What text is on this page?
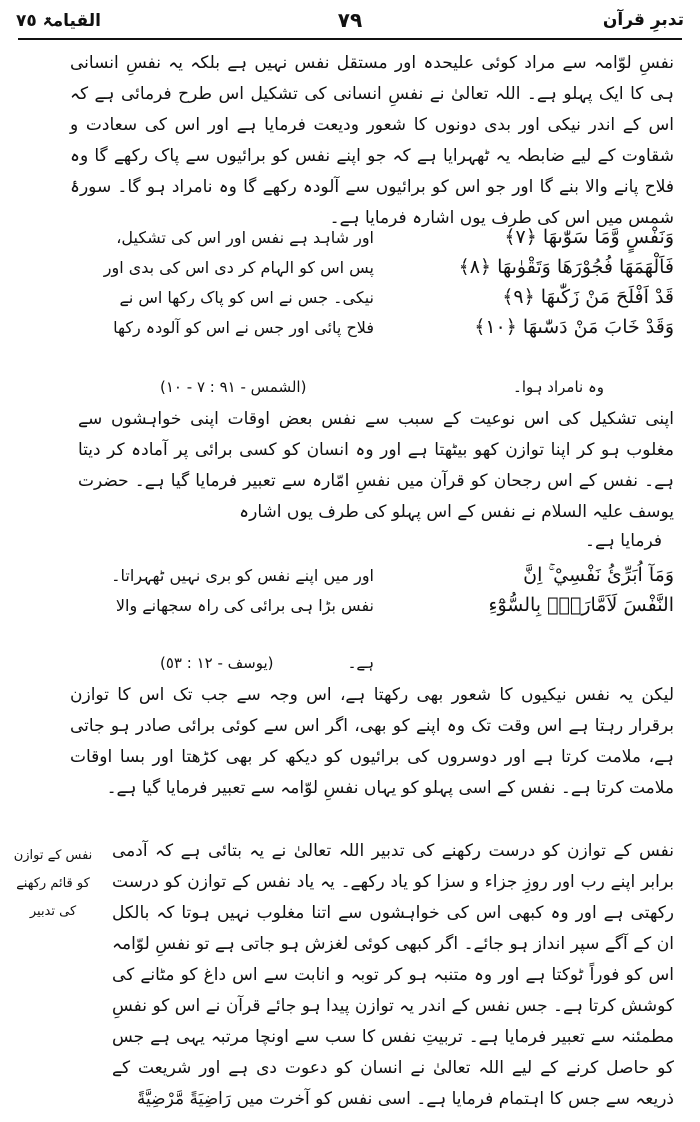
القیامۃ ٧٥	٧٩	تدبرِ قرآن
نفسِ لوّامہ سے مراد کوئی علیحدہ اور مستقل نفس نہیں ہے بلکہ یہ نفسِ انسانی ہی کا ایک پہلو ہے۔ اللہ تعالیٰ نے نفسِ انسانی کی تشکیل اس طرح فرمائی ہے کہ اس کے اندر نیکی اور بدی دونوں کا شعور ودیعت فرمایا ہے اور اس کی سعادت و شقاوت کے لیے ضابطہ یہ ٹھہرایا ہے کہ جو اپنے نفس کو برائیوں سے پاک رکھے گا وہ فلاح پانے والا بنے گا اور جو اس کو برائیوں سے آلودہ رکھے گا وہ نامراد ہو گا۔ سورۂ شمس میں اس کی طرف یوں اشارہ فرمایا ہے۔
وَنَفْسٍ وَّمَا سَوّٰىهَا ﴿٧﴾
اور شاہد ہے نفس اور اس کی تشکیل،
فَاَلْهَمَهَا فُجُوْرَهَا وَتَقْوٰىهَا ﴿٨﴾
پس اس کو الہام کر دی اس کی بدی اور
قَدْ اَفْلَحَ مَنْ زَكّٰىهَا ﴿٩﴾
نیکی۔ جس نے اس کو پاک رکھا اس نے
وَقَدْ خَابَ مَنْ دَسّٰىهَا ﴿١٠﴾
فلاح پائی اور جس نے اس کو آلودہ رکھا
وہ نامراد ہوا۔
(الشمس - ٩١ : ٧ - ١٠)
اپنی تشکیل کی اس نوعیت کے سبب سے نفس بعض اوقات اپنی خواہشوں سے مغلوب ہو کر اپنا توازن کھو بیٹھتا ہے اور وہ انسان کو کسی برائی پر آمادہ کر دیتا ہے۔ نفس کے اس رجحان کو قرآن میں نفسِ امّارہ سے تعبیر فرمایا گیا ہے۔ حضرت یوسف علیہ السلام نے نفس کے اس پہلو کی طرف یوں اشارہ
فرمایا ہے۔
وَمَآ اُبَرِّئُ نَفْسِيْ ۚ اِنَّ
اور میں اپنے نفس کو بری نہیں ٹھہراتا۔
النَّفْسَ لَاَمَّارَةٌۢ بِالسُّوْٓءِ
نفس بڑا ہی برائی کی راہ سجھانے والا
ہے۔
(یوسف - ١٢ : ٥٣)
لیکن یہ نفس نیکیوں کا شعور بھی رکھتا ہے، اس وجہ سے جب تک اس کا توازن برقرار رہتا ہے اس وقت تک وہ اپنے کو بھی، اگر اس سے کوئی برائی صادر ہو جاتی ہے، ملامت کرتا ہے اور دوسروں کی برائیوں کو دیکھ کر بھی کڑھتا اور بسا اوقات ملامت کرتا ہے۔ نفس کے اسی پہلو کو یہاں نفسِ لوّامہ سے تعبیر فرمایا گیا ہے۔
نفس کے توازن کو قائم رکھنے کی تدبیر
نفس کے توازن کو درست رکھنے کی تدبیر اللہ تعالیٰ نے یہ بتائی ہے کہ آدمی برابر اپنے رب اور روزِ جزاء و سزا کو یاد رکھے۔ یہ یاد نفس کے توازن کو درست رکھتی ہے اور وہ کبھی اس کی خواہشوں سے اتنا مغلوب نہیں ہوتا کہ بالکل ان کے آگے سپر انداز ہو جائے۔ اگر کبھی کوئی لغزش ہو جاتی ہے تو نفسِ لوّامہ اس کو فوراً ٹوکتا ہے اور وہ متنبہ ہو کر توبہ و انابت سے اس داغ کو مٹانے کی کوشش کرتا ہے۔ جس نفس کے اندر یہ توازن پیدا ہو جائے قرآن نے اس کو نفسِ مطمئنہ سے تعبیر فرمایا ہے۔ تربیتِ نفس کا سب سے اونچا مرتبہ یہی ہے جس کو حاصل کرنے کے لیے اللہ تعالیٰ نے انسان کو دعوت دی ہے اور شریعت کے ذریعہ سے جس کا اہتمام فرمایا ہے۔ اسی نفس کو آخرت میں رَاضِيَةً مَّرْضِيَّةً
